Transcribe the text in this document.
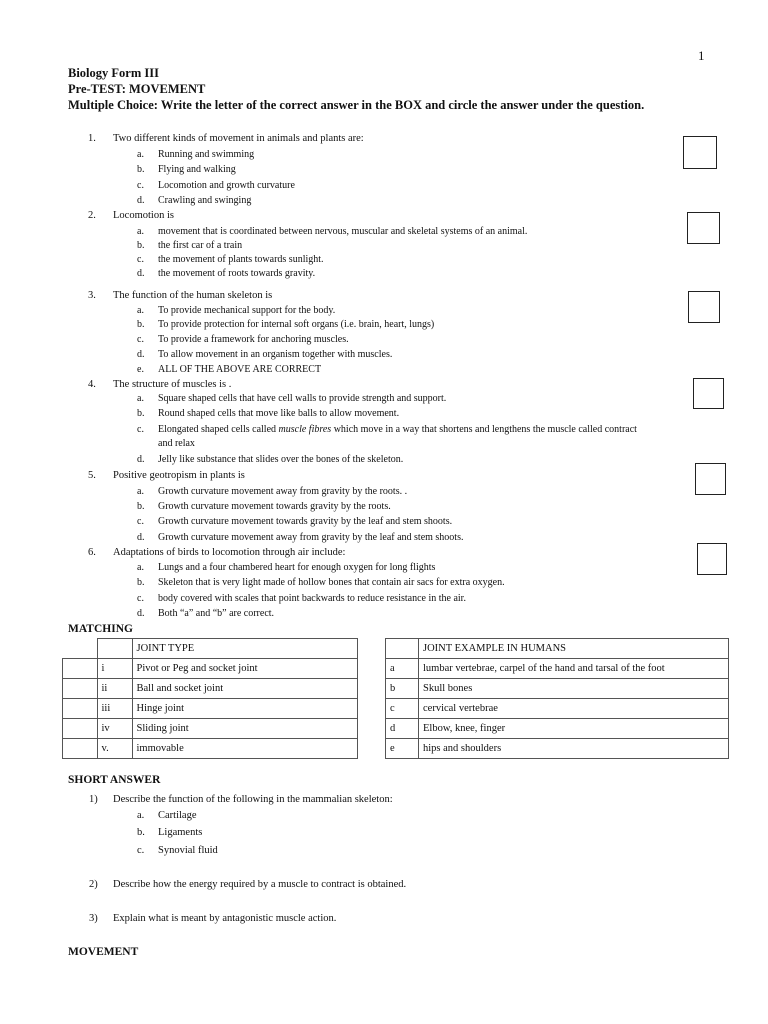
1
Biology Form III
Pre-TEST: MOVEMENT
Multiple Choice: Write the letter of the correct answer in the BOX and circle the answer under the question.
1. Two different kinds of movement in animals and plants are:
a. Running and swimming
b. Flying and walking
c. Locomotion and growth curvature
d. Crawling and swinging
2. Locomotion is
a. movement that is coordinated between nervous, muscular and skeletal systems of an animal.
b. the first car of a train
c. the movement of plants towards sunlight.
d. the movement of roots towards gravity.
3. The function of the human skeleton is
a. To provide mechanical support for the body.
b. To provide protection for internal soft organs (i.e. brain, heart, lungs)
c. To provide a framework for anchoring muscles.
d. To allow movement in an organism together with muscles.
e. ALL OF THE ABOVE ARE CORRECT
4. The structure of muscles is .
a. Square shaped cells that have cell walls to provide strength and support.
b. Round shaped cells that move like balls to allow movement.
c. Elongated shaped cells called muscle fibres which move in a way that shortens and lengthens the muscle called contract
and relax
d. Jelly like substance that slides over the bones of the skeleton.
5. Positive geotropism in plants is
a. Growth curvature movement away from gravity by the roots. .
b. Growth curvature movement towards gravity by the roots.
c. Growth curvature movement towards gravity by the leaf and stem shoots.
d. Growth curvature movement away from gravity by the leaf and stem shoots.
6. Adaptations of birds to locomotion through air include:
a. Lungs and a four chambered heart for enough oxygen for long flights
b. Skeleton that is very light made of hollow bones that contain air sacs for extra oxygen.
c. body covered with scales that point backwards to reduce resistance in the air.
d. Both “a” and “b” are correct.
MATCHING
		JOINT TYPE
	i	Pivot or Peg and socket joint
	ii	Ball and socket joint
	iii	Hinge joint
	iv	Sliding joint
	v.	immovable
	JOINT EXAMPLE IN HUMANS
a	lumbar vertebrae, carpel of the hand and tarsal of the foot
b	Skull bones
c	cervical vertebrae
d	Elbow, knee, finger
e	hips and shoulders
SHORT ANSWER
1) Describe the function of the following in the mammalian skeleton:
a. Cartilage
b. Ligaments
c. Synovial fluid
2) Describe how the energy required by a muscle to contract is obtained.
3) Explain what is meant by antagonistic muscle action.
MOVEMENT
